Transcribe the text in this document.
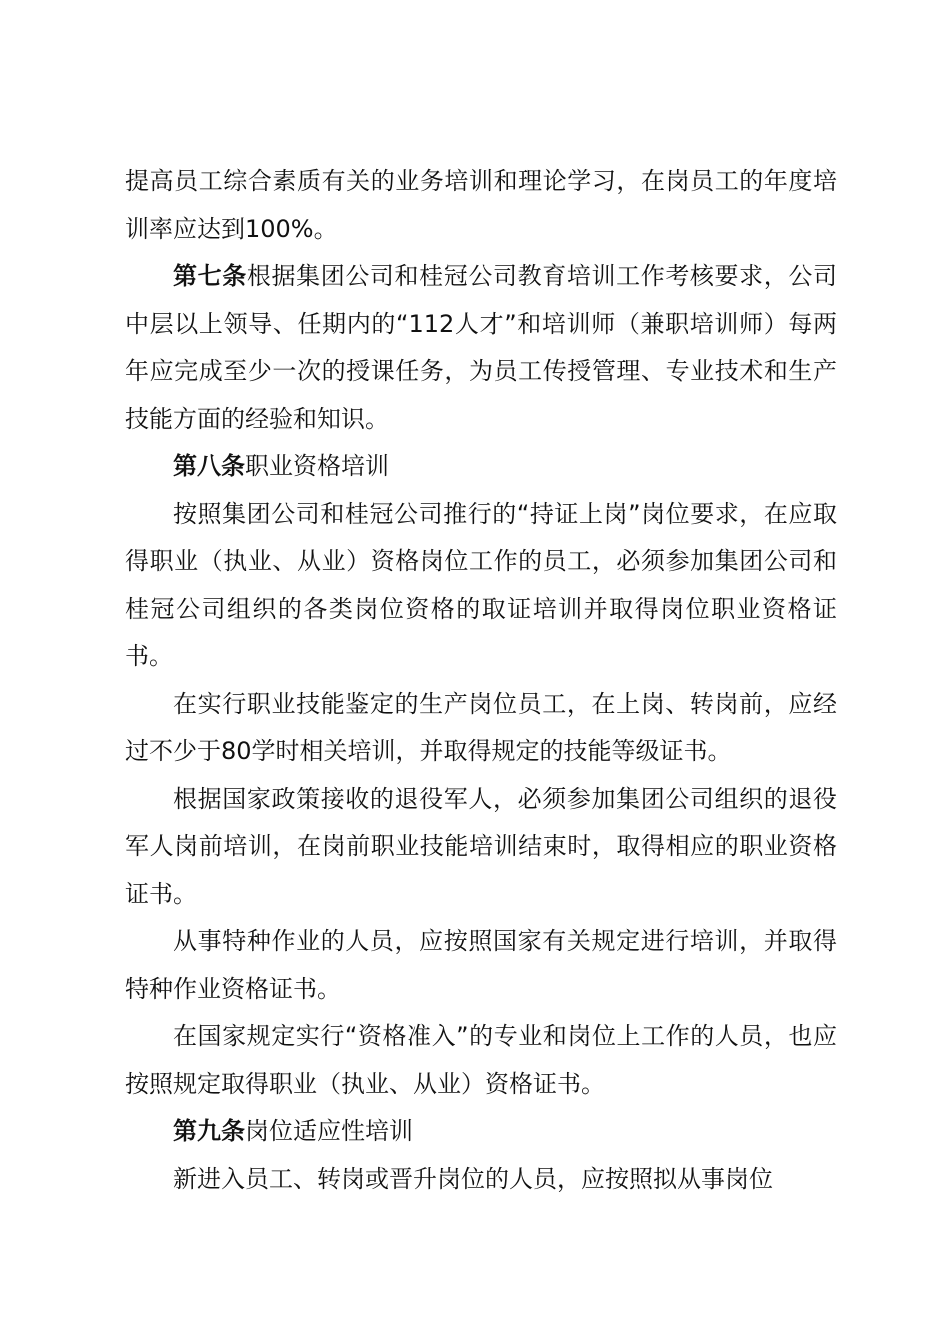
提高员工综合素质有关的业务培训和理论学习，在岗员工的年度培训率应达到100%。

第七条根据集团公司和桂冠公司教育培训工作考核要求，公司中层以上领导、任期内的“112人才”和培训师（兼职培训师）每两年应完成至少一次的授课任务，为员工传授管理、专业技术和生产技能方面的经验和知识。

第八条职业资格培训

按照集团公司和桂冠公司推行的“持证上岗”岗位要求，在应取得职业（执业、从业）资格岗位工作的员工，必须参加集团公司和桂冠公司组织的各类岗位资格的取证培训并取得岗位职业资格证书。

在实行职业技能鉴定的生产岗位员工，在上岗、转岗前，应经过不少于80学时相关培训，并取得规定的技能等级证书。

根据国家政策接收的退役军人，必须参加集团公司组织的退役军人岗前培训，在岗前职业技能培训结束时，取得相应的职业资格证书。

从事特种作业的人员，应按照国家有关规定进行培训，并取得特种作业资格证书。

在国家规定实行“资格准入”的专业和岗位上工作的人员，也应按照规定取得职业（执业、从业）资格证书。

第九条岗位适应性培训

新进入员工、转岗或晋升岗位的人员，应按照拟从事岗位
